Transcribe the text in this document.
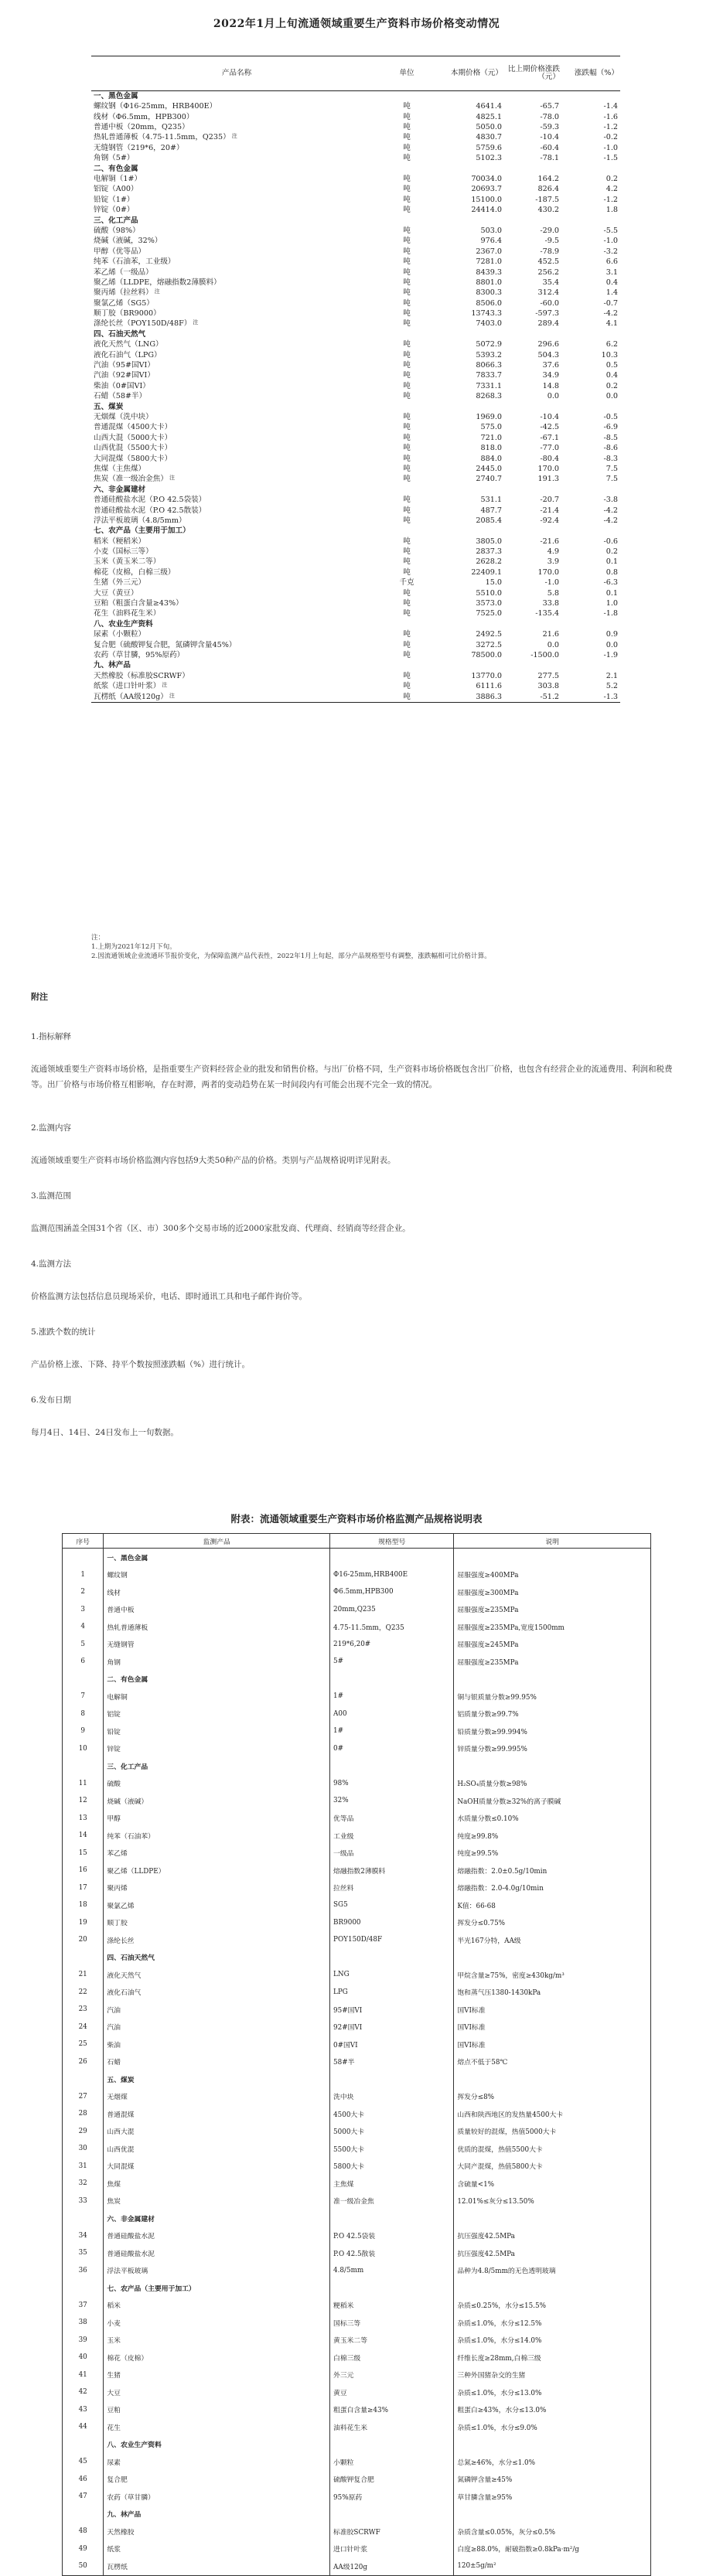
2022年1月上旬流通领域重要生产资料市场价格变动情况
产品名称	单位	本期价格（元）	比上期价格涨跌（元）	涨跌幅（%）
一、黑色金属				
螺纹钢（Φ16-25mm，HRB400E）	吨	4641.4	-65.7	-1.4
线材（Φ6.5mm，HPB300）	吨	4825.1	-78.0	-1.6
普通中板（20mm，Q235）	吨	5050.0	-59.3	-1.2
热轧普通薄板（4.75-11.5mm，Q235） $^注$	吨	4830.7	-10.4	-0.2
无缝钢管（219*6，20#）	吨	5759.6	-60.4	-1.0
角钢（5#）	吨	5102.3	-78.1	-1.5
二、有色金属				
电解铜（1#）	吨	70034.0	164.2	0.2
铝锭（A00）	吨	20693.7	826.4	4.2
铅锭（1#）	吨	15100.0	-187.5	-1.2
锌锭（0#）	吨	24414.0	430.2	1.8
三、化工产品				
硫酸（98%）	吨	503.0	-29.0	-5.5
烧碱（液碱，32%）	吨	976.4	-9.5	-1.0
甲醇（优等品）	吨	2367.0	-78.9	-3.2
纯苯（石油苯，工业级）	吨	7281.0	452.5	6.6
苯乙烯（一级品）	吨	8439.3	256.2	3.1
聚乙烯（LLDPE，熔融指数2薄膜料）	吨	8801.0	35.4	0.4
聚丙烯（拉丝料） $^注$	吨	8300.3	312.4	1.4
聚氯乙烯（SG5）	吨	8506.0	-60.0	-0.7
顺丁胶（BR9000）	吨	13743.3	-597.3	-4.2
涤纶长丝（POY150D/48F） $^注$	吨	7403.0	289.4	4.1
四、石油天然气				
液化天然气（LNG）	吨	5072.9	296.6	6.2
液化石油气（LPG）	吨	5393.2	504.3	10.3
汽油（95#国VI）	吨	8066.3	37.6	0.5
汽油（92#国VI）	吨	7833.7	34.9	0.4
柴油（0#国VI）	吨	7331.1	14.8	0.2
石蜡（58#半）	吨	8268.3	0.0	0.0
五、煤炭				
无烟煤（洗中块）	吨	1969.0	-10.4	-0.5
普通混煤（4500大卡）	吨	575.0	-42.5	-6.9
山西大混（5000大卡）	吨	721.0	-67.1	-8.5
山西优混（5500大卡）	吨	818.0	-77.0	-8.6
大同混煤（5800大卡）	吨	884.0	-80.4	-8.3
焦煤（主焦煤）	吨	2445.0	170.0	7.5
焦炭（准一级冶金焦） $^注$	吨	2740.7	191.3	7.5
六、非金属建材				
普通硅酸盐水泥（P.O 42.5袋装）	吨	531.1	-20.7	-3.8
普通硅酸盐水泥（P.O 42.5散装）	吨	487.7	-21.4	-4.2
浮法平板玻璃（4.8/5mm）	吨	2085.4	-92.4	-4.2
七、农产品（主要用于加工）				
稻米（粳稻米）	吨	3805.0	-21.6	-0.6
小麦（国标三等）	吨	2837.3	4.9	0.2
玉米（黄玉米二等）	吨	2628.2	3.9	0.1
棉花（皮棉，白棉三级）	吨	22409.1	170.0	0.8
生猪（外三元）	千克	15.0	-1.0	-6.3
大豆（黄豆）	吨	5510.0	5.8	0.1
豆粕（粗蛋白含量≥43%）	吨	3573.0	33.8	1.0
花生（油料花生米）	吨	7525.0	-135.4	-1.8
八、农业生产资料				
尿素（小颗粒）	吨	2492.5	21.6	0.9
复合肥（硫酸钾复合肥，氮磷钾含量45%）	吨	3272.5	0.0	0.0
农药（草甘膦，95%原药）	吨	78500.0	-1500.0	-1.9
九、林产品				
天然橡胶（标准胶SCRWF）	吨	13770.0	277.5	2.1
纸浆（进口针叶浆） $^注$	吨	6111.6	303.8	5.2
瓦楞纸（AA级120g） $^注$	吨	3886.3	-51.2	-1.3
注：
1.上期为2021年12月下旬。
2.因流通领域企业流通环节报价变化，为保障监测产品代表性，2022年1月上旬起，部分产品规格型号有调整，涨跌幅相可比价格计算。
附注
1.指标解释
流通领域重要生产资料市场价格，是指重要生产资料经营企业的批发和销售价格。与出厂价格不同，生产资料市场价格既包含出厂价格，也包含有经营企业的流通费用、利润和税费等。出厂价格与市场价格互相影响，存在时滞，两者的变动趋势在某一时间段内有可能会出现不完全一致的情况。
2.监测内容
流通领域重要生产资料市场价格监测内容包括9大类50种产品的价格。类别与产品规格说明详见附表。
3.监测范围
监测范围涵盖全国31个省（区、市）300多个交易市场的近2000家批发商、代理商、经销商等经营企业。
4.监测方法
价格监测方法包括信息员现场采价，电话、即时通讯工具和电子邮件询价等。
5.涨跌个数的统计
产品价格上涨、下降、持平个数按照涨跌幅（%）进行统计。
6.发布日期
每月4日、14日、24日发布上一旬数据。
附表：流通领域重要生产资料市场价格监测产品规格说明表
序号	监测产品	规格型号	说明
	一、黑色金属		
1	螺纹钢	Φ16-25mm,HRB400E	屈服强度≥400MPa
2	线材	Φ6.5mm,HPB300	屈服强度≥300MPa
3	普通中板	20mm,Q235	屈服强度≥235MPa
4	热轧普通薄板	4.75-11.5mm，Q235	屈服强度≥235MPa,宽度1500mm
5	无缝钢管	219*6,20#	屈服强度≥245MPa
6	角钢	5#	屈服强度≥235MPa
	二、有色金属		
7	电解铜	1#	铜与银质量分数≥99.95%
8	铝锭	A00	铝质量分数≥99.7%
9	铅锭	1#	铅质量分数≥99.994%
10	锌锭	0#	锌质量分数≥99.995%
	三、化工产品		
11	硫酸	98%	H₂SO₄质量分数≥98%
12	烧碱（液碱）	32%	NaOH质量分数≥32%的离子膜碱
13	甲醇	优等品	水质量分数≤0.10%
14	纯苯（石油苯）	工业级	纯度≥99.8%
15	苯乙烯	一级品	纯度≥99.5%
16	聚乙烯（LLDPE）	熔融指数2薄膜料	熔融指数：2.0±0.5g/10min
17	聚丙烯	拉丝料	熔融指数：2.0-4.0g/10min
18	聚氯乙烯	SG5	K值：66-68
19	顺丁胶	BR9000	挥发分≤0.75%
20	涤纶长丝	POY150D/48F	半光167分特，AA级
	四、石油天然气		
21	液化天然气	LNG	甲烷含量≥75%，密度≥430kg/m³
22	液化石油气	LPG	饱和蒸气压1380-1430kPa
23	汽油	95#国VI	国VI标准
24	汽油	92#国VI	国VI标准
25	柴油	0#国VI	国VI标准
26	石蜡	58#半	熔点不低于58℃
	五、煤炭		
27	无烟煤	洗中块	挥发分≤8%
28	普通混煤	4500大卡	山西和陕西地区的发热量4500大卡
29	山西大混	5000大卡	质量较好的混煤，热值5000大卡
30	山西优混	5500大卡	优质的混煤，热值5500大卡
31	大同混煤	5800大卡	大同产混煤，热值5800大卡
32	焦煤	主焦煤	含硫量<1%
33	焦炭	准一级冶金焦	12.01%≤灰分≤13.50%
	六、非金属建材		
34	普通硅酸盐水泥	P.O 42.5袋装	抗压强度42.5MPa
35	普通硅酸盐水泥	P.O 42.5散装	抗压强度42.5MPa
36	浮法平板玻璃	4.8/5mm	品种为4.8/5mm的无色透明玻璃
	七、农产品（主要用于加工）		
37	稻米	粳稻米	杂质≤0.25%，水分≤15.5%
38	小麦	国标三等	杂质≤1.0%，水分≤12.5%
39	玉米	黄玉米二等	杂质≤1.0%，水分≤14.0%
40	棉花（皮棉）	白棉三级	纤维长度≥28mm,白棉三级
41	生猪	外三元	三种外国猪杂交的生猪
42	大豆	黄豆	杂质≤1.0%，水分≤13.0%
43	豆粕	粗蛋白含量≥43%	粗蛋白≥43%，水分≤13.0%
44	花生	油料花生米	杂质≤1.0%，水分≤9.0%
	八、农业生产资料		
45	尿素	小颗粒	总氮≥46%，水分≤1.0%
46	复合肥	硫酸钾复合肥	氮磷钾含量≥45%
47	农药（草甘膦）	95%原药	草甘膦含量≥95%
	九、林产品		
48	天然橡胶	标准胶SCRWF	杂质含量≤0.05%，灰分≤0.5%
49	纸浆	进口针叶浆	白度≥88.0%，耐破指数≥0.8kPa·m²/g
50	瓦楞纸	AA级120g	120±5g/m²
